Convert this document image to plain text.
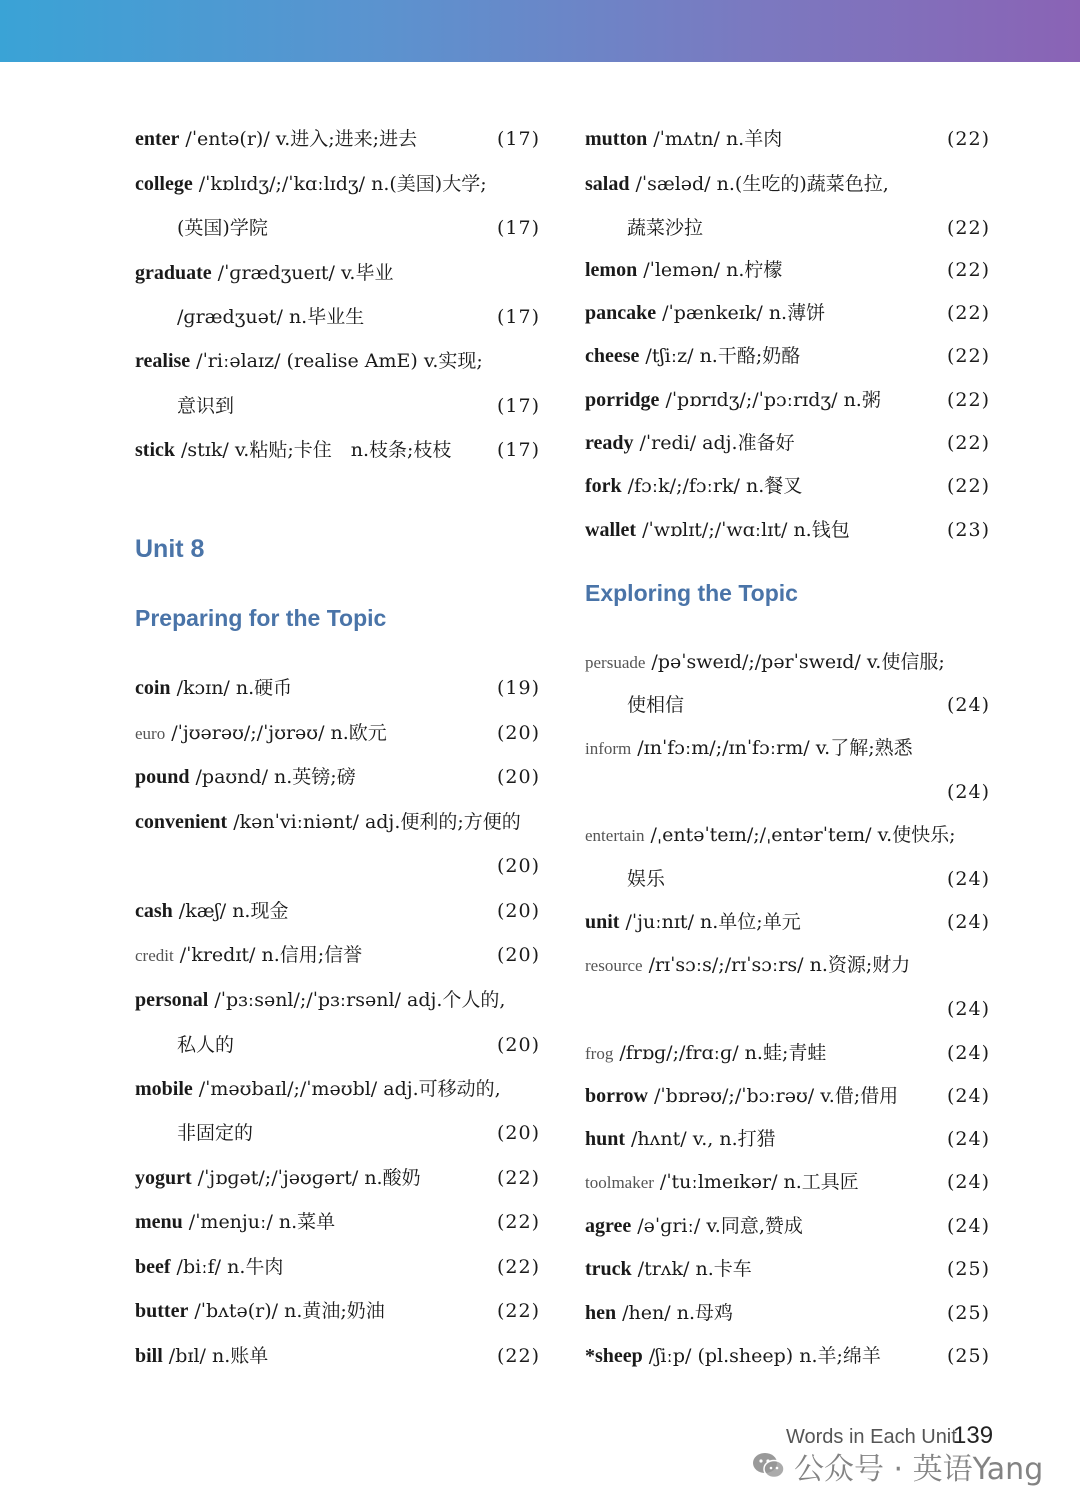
enter /ˈentə(r)/ v.进入;进来;进去	(17)
college /ˈkɒlɪdʒ/;/ˈkɑːlɪdʒ/ n.(美国)大学;
(英国)学院	(17)
graduate /ˈɡrædʒueɪt/ v.毕业
/ɡrædʒuət/ n.毕业生	(17)
realise /ˈriːəlaɪz/ (realise AmE) v.实现;
意识到	(17)
stick /stɪk/ v.粘贴;卡住　n.枝条;枝枝 (17)
Unit 8
Preparing for the Topic
coin /kɔɪn/ n.硬币	(19)
euro /ˈjʊərəʊ/;/ˈjʊrəʊ/ n.欧元	(20)
pound /paʊnd/ n.英镑;磅	(20)
convenient /kənˈviːniənt/ adj.便利的;方便的
(20)
cash /kæʃ/ n.现金	(20)
credit /ˈkredɪt/ n.信用;信誉	(20)
personal /ˈpɜːsənl/;/ˈpɜːrsənl/ adj.个人的,
私人的	(20)
mobile /ˈməʊbaɪl/;/ˈməʊbl/ adj.可移动的,
非固定的	(20)
yogurt /ˈjɒɡət/;/ˈjəʊɡərt/ n.酸奶	(22)
menu /ˈmenjuː/ n.菜单	(22)
beef /biːf/ n.牛肉	(22)
butter /ˈbʌtə(r)/ n.黄油;奶油	(22)
bill /bɪl/ n.账单	(22)
mutton /ˈmʌtn/ n.羊肉	(22)
salad /ˈsæləd/ n.(生吃的)蔬菜色拉,
蔬菜沙拉	(22)
lemon /ˈlemən/ n.柠檬	(22)
pancake /ˈpænkeɪk/ n.薄饼	(22)
cheese /tʃiːz/ n.干酪;奶酪	(22)
porridge /ˈpɒrɪdʒ/;/ˈpɔːrɪdʒ/ n.粥	(22)
ready /ˈredi/ adj.准备好	(22)
fork /fɔːk/;/fɔːrk/ n.餐叉	(22)
wallet /ˈwɒlɪt/;/ˈwɑːlɪt/ n.钱包	(23)
Exploring the Topic
persuade /pəˈsweɪd/;/pərˈsweɪd/ v.使信服;
使相信	(24)
inform /ɪnˈfɔːm/;/ɪnˈfɔːrm/ v.了解;熟悉
(24)
entertain /ˌentəˈteɪn/;/ˌentərˈteɪn/ v.使快乐;
娱乐	(24)
unit /ˈjuːnɪt/ n.单位;单元	(24)
resource /rɪˈsɔːs/;/rɪˈsɔːrs/ n.资源;财力
(24)
frog /frɒɡ/;/frɑːɡ/ n.蛙;青蛙	(24)
borrow /ˈbɒrəʊ/;/ˈbɔːrəʊ/ v.借;借用	(24)
hunt /hʌnt/ v., n.打猎	(24)
toolmaker /ˈtuːlmeɪkər/ n.工具匠	(24)
agree /əˈɡriː/ v.同意,赞成	(24)
truck /trʌk/ n.卡车	(25)
hen /hen/ n.母鸡	(25)
*sheep /ʃiːp/ (pl.sheep) n.羊;绵羊	(25)
Words in Each Unit
139
公众号 · 英语Yang
